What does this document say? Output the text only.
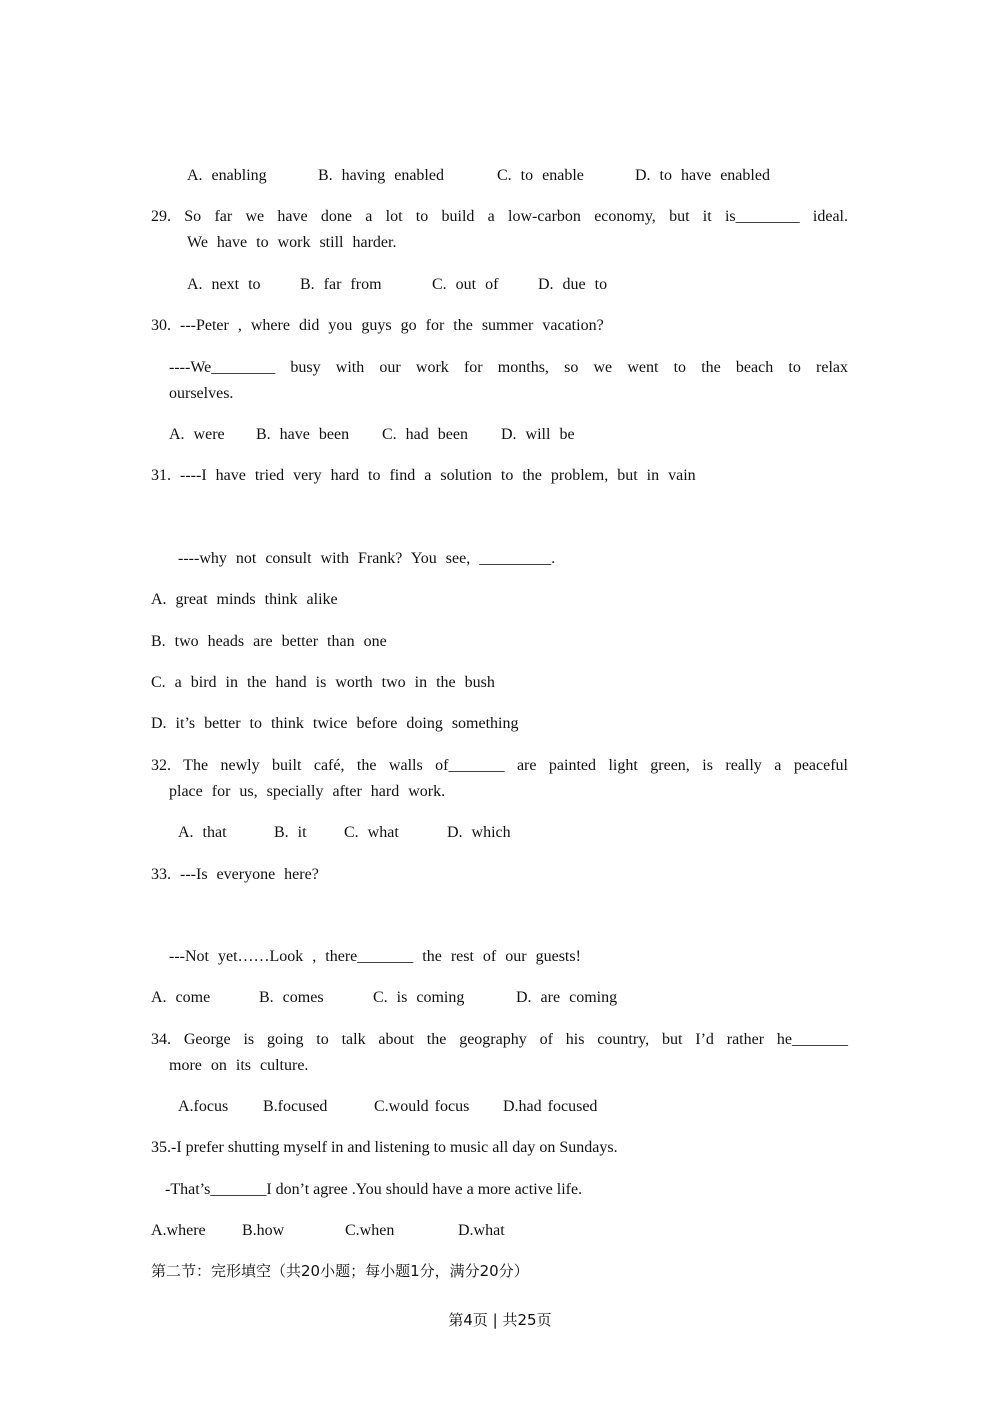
A. enabling	B. having enabled	C. to enable	D. to have enabled
29. So far we have done a lot to build a low-carbon economy, but it is________ ideal.
We have to work still harder.
A. next to B. far from	C. out of D. due to
30. ---Peter , where did you guys go for the summer vacation?
----We________ busy with our work for months, so we went to the beach to relax
ourselves.
A. were B. have been C. had been D. will be
31. ----I have tried very hard to find a solution to the problem, but in vain
----why not consult with Frank? You see, _________.
A. great minds think alike
B. two heads are better than one
C. a bird in the hand is worth two in the bush
D. it’s better to think twice before doing something
32. The newly built café, the walls of_______ are painted light green, is really a peaceful
place for us, specially after hard work.
A. that	B. it C. what	D. which
33. ---Is everyone here?
---Not yet……Look , there_______ the rest of our guests!
A. come	B. comes	C. is coming	D. are coming
34. George is going to talk about the geography of his country, but I’d rather he_______
more on its culture.
A.focus B.focused	C.would focus D.had focused
35.-I prefer shutting myself in and listening to music all day on Sundays.
-That’s_______I don’t agree .You should have a more active life.
A.where B.how	C.when	D.what
第二节：完形填空（共20小题；每小题1分，满分20分）
第4页 | 共25页
